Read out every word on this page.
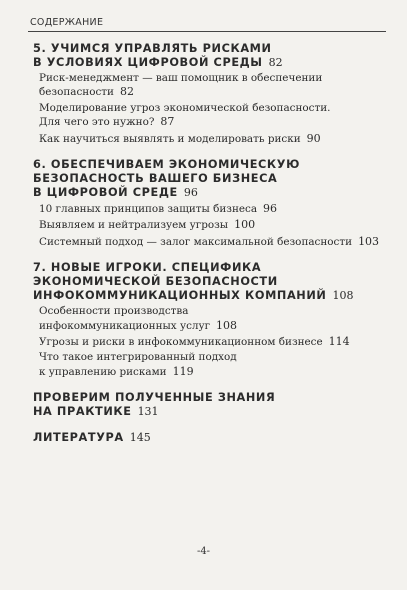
СОДЕРЖАНИЕ
5. УЧИМСЯ УПРАВЛЯТЬ РИСКАМИ
В УСЛОВИЯХ ЦИФРОВОЙ СРЕДЫ 82
Риск-менеджмент — ваш помощник в обеспечении
безопасности 82
Моделирование угроз экономической безопасности.
Для чего это нужно? 87
Как научиться выявлять и моделировать риски 90
6. ОБЕСПЕЧИВАЕМ ЭКОНОМИЧЕСКУЮ
БЕЗОПАСНОСТЬ ВАШЕГО БИЗНЕСА
В ЦИФРОВОЙ СРЕДЕ 96
10 главных принципов защиты бизнеса 96
Выявляем и нейтрализуем угрозы 100
Системный подход — залог максимальной безопасности 103
7. НОВЫЕ ИГРОКИ. СПЕЦИФИКА
ЭКОНОМИЧЕСКОЙ БЕЗОПАСНОСТИ
ИНФОКОММУНИКАЦИОННЫХ КОМПАНИЙ 108
Особенности производства
инфокоммуникационных услуг 108
Угрозы и риски в инфокоммуникационном бизнесе 114
Что такое интегрированный подход
к управлению рисками 119
ПРОВЕРИМ ПОЛУЧЕННЫЕ ЗНАНИЯ
НА ПРАКТИКЕ 131
ЛИТЕРАТУРА 145
-4-
